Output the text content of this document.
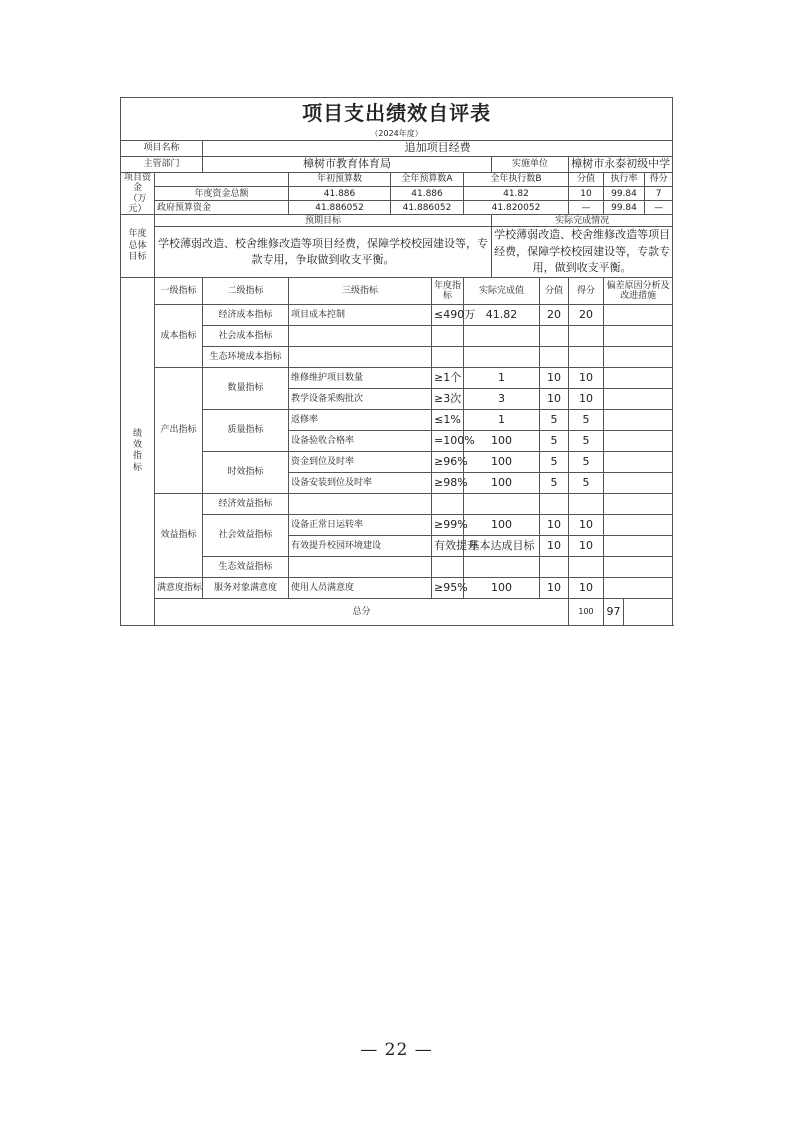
项目支出绩效自评表												
（2024年度）												
项目名称		追加项目经费										
主管部门		樟树市教育体育局					实施单位		樟树市永泰初级中学			
项目资金
（万元）			年初预算数	全年预算数A		全年执行数B			分值	执行率		得分
	年度资金总额		41.886	41.886		41.82			10	99.84		7
	政府预算资金		41.886052	41.886052		41.820052			—	99.84		—
年度总体目标	预期目标						实际完成情况					
	学校薄弱改造、校舍维修改造等项目经费，保障学校校园建设等，专款专用，争取做到收支平衡。						学校薄弱改造、校舍维修改造等项目经费，保障学校校园建设等，专款专用，做到收支平衡。					
绩效指标	一级指标	二级指标	三级指标		年度指标	实际完成值		分值	得分	偏差原因分析及改进措施		
	成本指标	经济成本指标	项目成本控制		≤490万	41.82		20	20			
		社会成本指标										
		生态环境成本指标										
	产出指标	数量指标	维修维护项目数量		≥1个	1		10	10			
			教学设备采购批次		≥3次	3		10	10			
		质量指标	返修率		≤1%	1		5	5			
			设备验收合格率		=100%	100		5	5			
		时效指标	资金到位及时率		≥96%	100		5	5			
			设备安装到位及时率		≥98%	100		5	5			
	效益指标	经济效益指标										
		社会效益指标	设备正常日运转率		≥99%	100		10	10			
			有效提升校园环境建设		有效提升	基本达成目标		10	10			
		生态效益指标										
	满意度指标	服务对象满意度	使用人员满意度		≥95%	100		10	10			
	总分								100	97		
— 22 —
